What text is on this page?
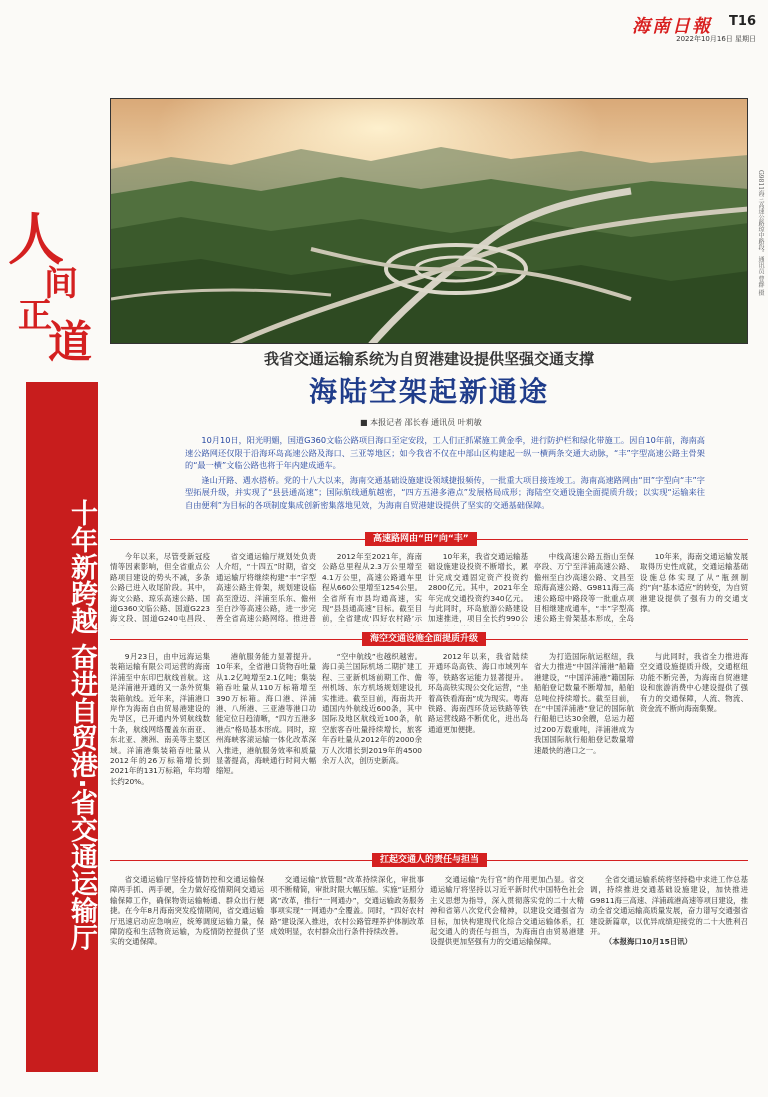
海南日報 T16
2022年10月16日 星期日
G9811海三高速公路琼中路段。通讯员 曹群 摄
人
间
正
道
十年新跨越 奋进自贸港·省交通运输厅
我省交通运输系统为自贸港建设提供坚强交通支撑
海陆空架起新通途
■ 本报记者 邵长春 通讯员 叶莉敏

10月10日，阳光明媚，国道G360文临公路项目海口至定安段，工人们正抓紧施工黄金季，进行防护栏和绿化带施工。因自10年前，海南高速公路网还仅限于沿海环岛高速公路及海口、三亚等地区；如今我省不仅在中部山区构建起一纵一横两条交通大动脉，“丰”字型高速公路主骨架的“最一横”文临公路也将于年内建成通车。

逢山开路、遇水搭桥。党的十八大以来，海南交通基础设施建设领域捷报频传，一批重大项目接连竣工。海南高速路网由“田”字型向“丰”字型拓展升级，并实现了“县县通高速”；国际航线通航越密，“四方五港多港点”发展格局成形；海陆空交通设施全面提质升级；以实现“运输来往自由便利”为目标的各项制度集成创新密集落地见效，为海南自贸港建设提供了坚实的交通基础保障。

高速路网由“田”向“丰”

今年以来，尽管受新冠疫情等因素影响，但全省重点公路项目建设的势头不减，多条公路已进入收尾阶段。其中，海文公路、琼乐高速公路、国道G360文临公路、国道G223海文段、国道G240屯昌段、

省交通运输厅规划处负责人介绍，“十四五”时期，省交通运输厅将继续构建“丰”字型高速公路主骨架，规划建设临高至澄迈、洋浦至乐东、儋州至白沙等高速公路，进一步完善全省高速公路网络。推进普

2012年至2021年，海南公路总里程从2.3万公里增至4.1万公里，高速公路通车里程从660公里增至1254公里。全省所有市县均通高速，实现“县县通高速”目标。截至目前，全省建成‘四好农村路’示

10年来，我省交通运输基础设施建设投资不断增长，累计完成交通固定资产投资约2800亿元。其中，2021年全年完成交通投资约340亿元。与此同时，环岛旅游公路建设加速推进，项目全长约990公

中线高速公路五指山至保亭段、万宁至洋浦高速公路、儋州至白沙高速公路、文昌至琼海高速公路、G9811海三高速公路琼中路段等一批重点项目相继建成通车，“丰”字型高速公路主骨架基本形成，全岛

10年来，海南交通运输发展取得历史性成就，交通运输基础设施总体实现了从“瓶颈制约”向“基本适应”的转变，为自贸港建设提供了强有力的交通支撑。

海空交通设施全面提质升级

9月23日，由中远海运集装箱运输有限公司运营的海南洋浦至中东印巴航线首航。这是洋浦港开通的又一条外贸集装箱航线。近年来，洋浦港口岸作为海南自由贸易港建设的先导区，已开通内外贸航线数十条，航线网络覆盖东南亚、东北亚、澳洲、南美等主要区域。洋浦港集装箱吞吐量从2012年的26万标箱增长到2021年的131万标箱，年均增长约20%。

港航服务能力显著提升。10年来，全省港口货物吞吐量从1.2亿吨增至2.1亿吨；集装箱吞吐量从110万标箱增至390万标箱。海口港、洋浦港、八所港、三亚港等港口功能定位日趋清晰，“四方五港多港点”格局基本形成。同时，琼州海峡客滚运输一体化改革深入推进，港航服务效率和质量显著提高，海峡通行时间大幅缩短。

“空中航线”也越织越密。海口美兰国际机场二期扩建工程、三亚新机场前期工作、儋州机场、东方机场规划建设扎实推进。截至目前，海南共开通国内外航线近600条，其中国际及地区航线近100条，航空旅客吞吐量持续增长，旅客年吞吐量从2012年的2000余万人次增长到2019年的4500余万人次，创历史新高。

2012年以来，我省陆续开通环岛高铁、海口市域列车等，铁路客运能力显著提升。环岛高铁实现公交化运营，“坐着高铁看海南”成为现实。粤海铁路、海南西环货运铁路等铁路运营线路不断优化，进出岛通道更加便捷。

为打造国际航运枢纽，我省大力推进“中国洋浦港”船籍港建设，“中国洋浦港”籍国际船舶登记数量不断增加，船舶总吨位持续增长。截至目前，在“中国洋浦港”登记的国际航行船舶已达30余艘，总运力超过200万载重吨，洋浦港成为我国国际航行船舶登记数量增速最快的港口之一。

与此同时，我省全力推进海空交通设施提质升级，交通枢纽功能不断完善，为海南自贸港建设和旅游消费中心建设提供了强有力的交通保障，人流、物流、资金流不断向海南集聚。

扛起交通人的责任与担当

省交通运输厅坚持疫情防控和交通运输保障两手抓、两手硬，全力做好疫情期间交通运输保障工作，确保物资运输畅通、群众出行便捷。在今年8月海南突发疫情期间，省交通运输厅迅速启动应急响应，统筹调度运输力量，保障防疫和生活物资运输，为疫情防控提供了坚实的交通保障。

交通运输“放管服”改革持续深化，审批事项不断精简，审批时限大幅压缩。实施“证照分离”改革，推行“一网通办”，交通运输政务服务事项实现“一网通办”全覆盖。同时，“四好农村路”建设深入推进，农村公路管理养护体制改革成效明显，农村群众出行条件持续改善。

交通运输“先行官”的作用更加凸显。省交通运输厅将坚持以习近平新时代中国特色社会主义思想为指导，深入贯彻落实党的二十大精神和省第八次党代会精神，以建设交通强省为目标，加快构建现代化综合交通运输体系，扛起交通人的责任与担当，为海南自由贸易港建设提供更加坚强有力的交通运输保障。

全省交通运输系统将坚持稳中求进工作总基调，持续推进交通基础设施建设，加快推进G9811海三高速、洋浦疏港高速等项目建设，推动全省交通运输高质量发展，奋力谱写交通强省建设新篇章，以优异成绩迎接党的二十大胜利召开。

（本报海口10月15日讯）
